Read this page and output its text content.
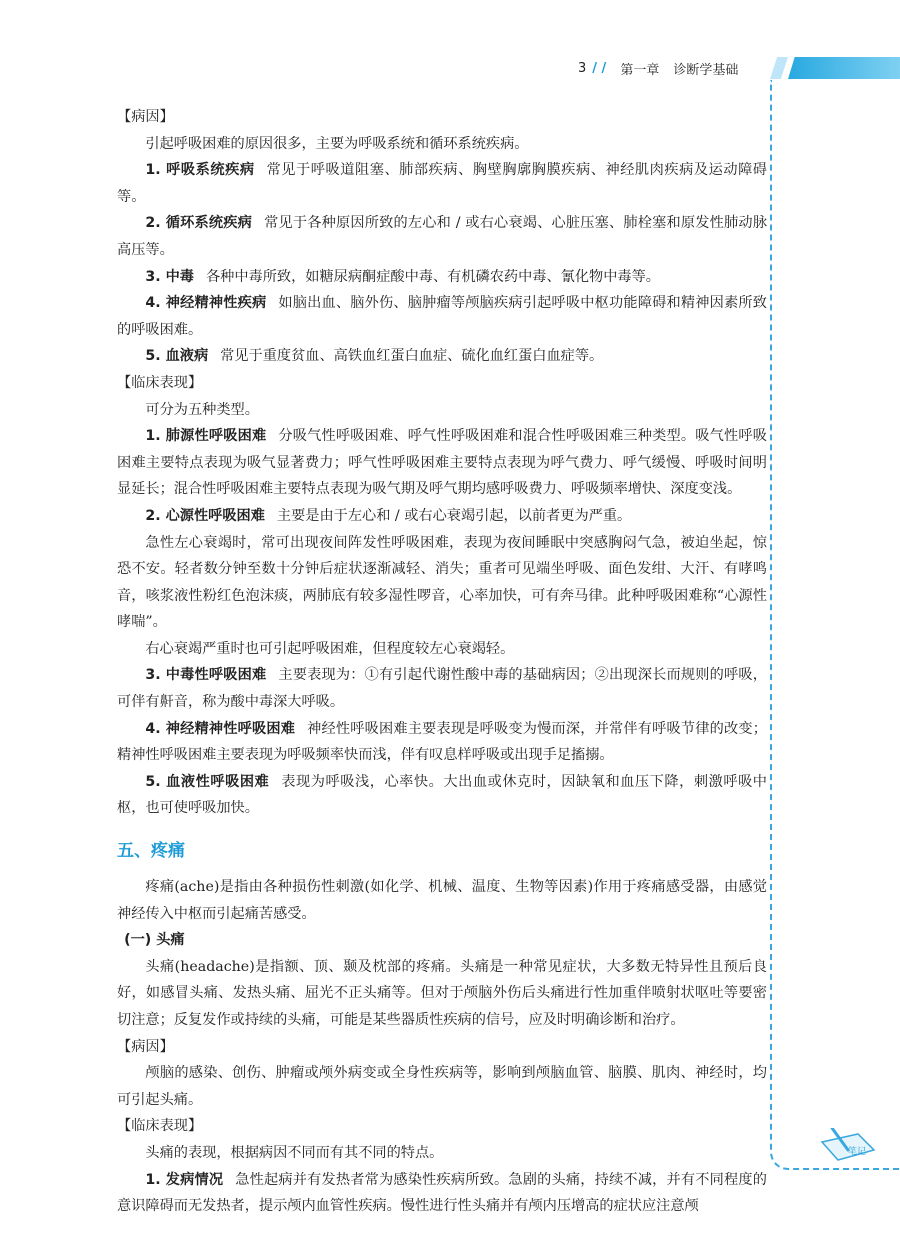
3 / / 第一章 诊断学基础
笔记

【病因】

引起呼吸困难的原因很多，主要为呼吸系统和循环系统疾病。

1. 呼吸系统疾病 常见于呼吸道阻塞、肺部疾病、胸壁胸廓胸膜疾病、神经肌肉疾病及运动障碍等。

2. 循环系统疾病 常见于各种原因所致的左心和 / 或右心衰竭、心脏压塞、肺栓塞和原发性肺动脉高压等。

3. 中毒 各种中毒所致，如糖尿病酮症酸中毒、有机磷农药中毒、氰化物中毒等。

4. 神经精神性疾病 如脑出血、脑外伤、脑肿瘤等颅脑疾病引起呼吸中枢功能障碍和精神因素所致的呼吸困难。

5. 血液病 常见于重度贫血、高铁血红蛋白血症、硫化血红蛋白血症等。

【临床表现】

可分为五种类型。

1. 肺源性呼吸困难 分吸气性呼吸困难、呼气性呼吸困难和混合性呼吸困难三种类型。吸气性呼吸困难主要特点表现为吸气显著费力；呼气性呼吸困难主要特点表现为呼气费力、呼气缓慢、呼吸时间明显延长；混合性呼吸困难主要特点表现为吸气期及呼气期均感呼吸费力、呼吸频率增快、深度变浅。

2. 心源性呼吸困难 主要是由于左心和 / 或右心衰竭引起，以前者更为严重。

急性左心衰竭时，常可出现夜间阵发性呼吸困难，表现为夜间睡眠中突感胸闷气急，被迫坐起，惊恐不安。轻者数分钟至数十分钟后症状逐渐减轻、消失；重者可见端坐呼吸、面色发绀、大汗、有哮鸣音，咳浆液性粉红色泡沫痰，两肺底有较多湿性啰音，心率加快，可有奔马律。此种呼吸困难称“心源性哮喘”。

右心衰竭严重时也可引起呼吸困难，但程度较左心衰竭轻。

3. 中毒性呼吸困难 主要表现为：①有引起代谢性酸中毒的基础病因；②出现深长而规则的呼吸，可伴有鼾音，称为酸中毒深大呼吸。

4. 神经精神性呼吸困难 神经性呼吸困难主要表现是呼吸变为慢而深，并常伴有呼吸节律的改变；精神性呼吸困难主要表现为呼吸频率快而浅，伴有叹息样呼吸或出现手足搐搦。

5. 血液性呼吸困难 表现为呼吸浅，心率快。大出血或休克时，因缺氧和血压下降，刺激呼吸中枢，也可使呼吸加快。

五、疼痛

疼痛(ache)是指由各种损伤性刺激(如化学、机械、温度、生物等因素)作用于疼痛感受器，由感觉神经传入中枢而引起痛苦感受。

(一) 头痛

头痛(headache)是指额、顶、颞及枕部的疼痛。头痛是一种常见症状，大多数无特异性且预后良好，如感冒头痛、发热头痛、屈光不正头痛等。但对于颅脑外伤后头痛进行性加重伴喷射状呕吐等要密切注意；反复发作或持续的头痛，可能是某些器质性疾病的信号，应及时明确诊断和治疗。

【病因】

颅脑的感染、创伤、肿瘤或颅外病变或全身性疾病等，影响到颅脑血管、脑膜、肌肉、神经时，均可引起头痛。

【临床表现】

头痛的表现，根据病因不同而有其不同的特点。

1. 发病情况 急性起病并有发热者常为感染性疾病所致。急剧的头痛，持续不减，并有不同程度的意识障碍而无发热者，提示颅内血管性疾病。慢性进行性头痛并有颅内压增高的症状应注意颅
